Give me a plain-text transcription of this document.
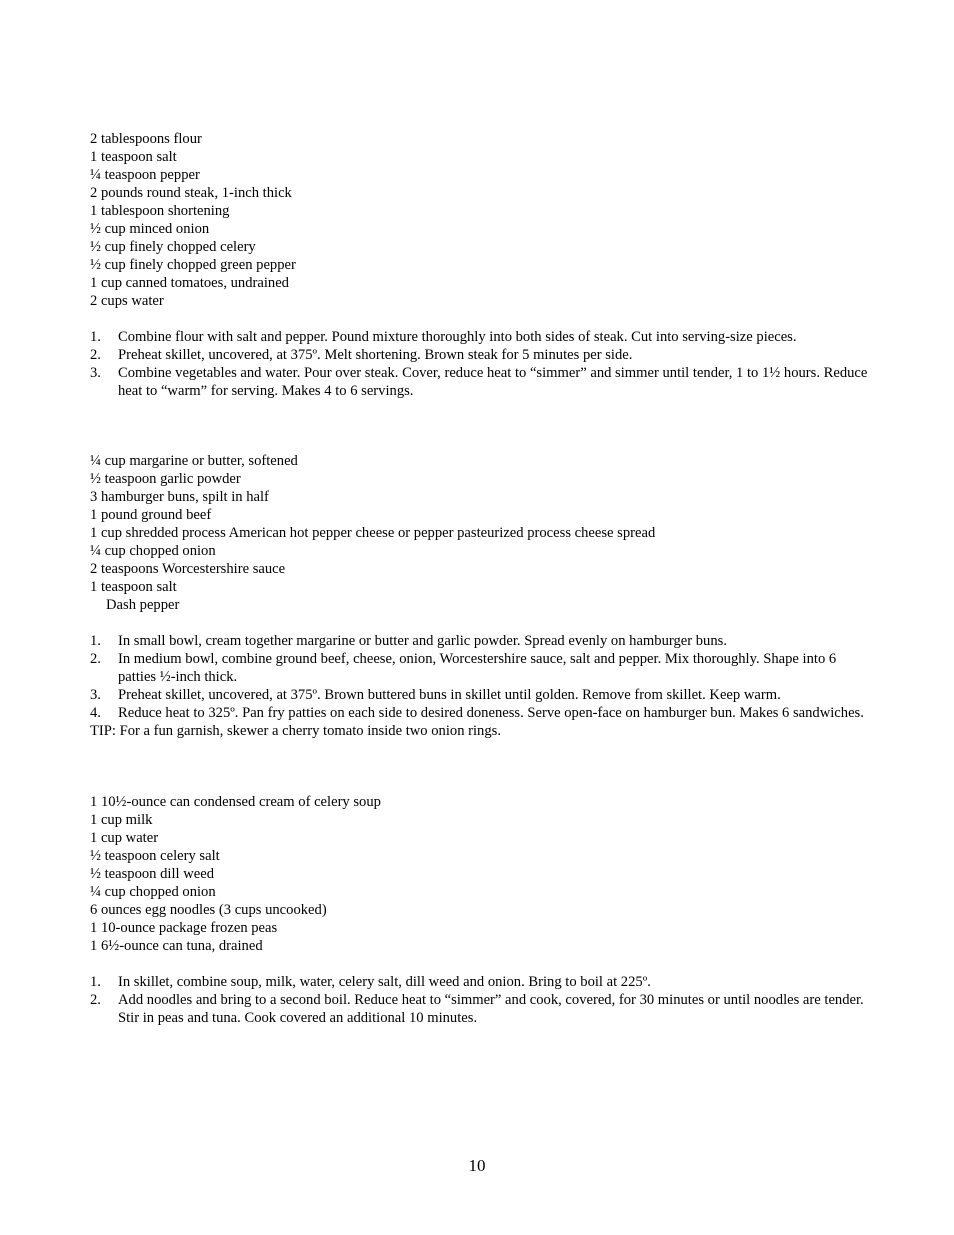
2 tablespoons flour
1 teaspoon salt
¼ teaspoon pepper
2 pounds round steak, 1-inch thick
1 tablespoon shortening
½ cup minced onion
½ cup finely chopped celery
½ cup finely chopped green pepper
1 cup canned tomatoes, undrained
2 cups water
1. Combine flour with salt and pepper. Pound mixture thoroughly into both sides of steak. Cut into serving-size pieces.
2. Preheat skillet, uncovered, at 375º. Melt shortening. Brown steak for 5 minutes per side.
3. Combine vegetables and water. Pour over steak. Cover, reduce heat to “simmer” and simmer until tender, 1 to 1½ hours. Reduce heat to “warm” for serving. Makes 4 to 6 servings.
¼ cup margarine or butter, softened
½ teaspoon garlic powder
3 hamburger buns, spilt in half
1 pound ground beef
1 cup shredded process American hot pepper cheese or pepper pasteurized process cheese spread
¼ cup chopped onion
2 teaspoons Worcestershire sauce
1 teaspoon salt
Dash pepper
1. In small bowl, cream together margarine or butter and garlic powder. Spread evenly on hamburger buns.
2. In medium bowl, combine ground beef, cheese, onion, Worcestershire sauce, salt and pepper. Mix thoroughly. Shape into 6 patties ½-inch thick.
3. Preheat skillet, uncovered, at 375º. Brown buttered buns in skillet until golden. Remove from skillet. Keep warm.
4. Reduce heat to 325º. Pan fry patties on each side to desired doneness. Serve open-face on hamburger bun. Makes 6 sandwiches.
TIP: For a fun garnish, skewer a cherry tomato inside two onion rings.
1 10½-ounce can condensed cream of celery soup
1 cup milk
1 cup water
½ teaspoon celery salt
½ teaspoon dill weed
¼ cup chopped onion
6 ounces egg noodles (3 cups uncooked)
1 10-ounce package frozen peas
1 6½-ounce can tuna, drained
1. In skillet, combine soup, milk, water, celery salt, dill weed and onion. Bring to boil at 225º.
2. Add noodles and bring to a second boil. Reduce heat to “simmer” and cook, covered, for 30 minutes or until noodles are tender. Stir in peas and tuna. Cook covered an additional 10 minutes.
10
